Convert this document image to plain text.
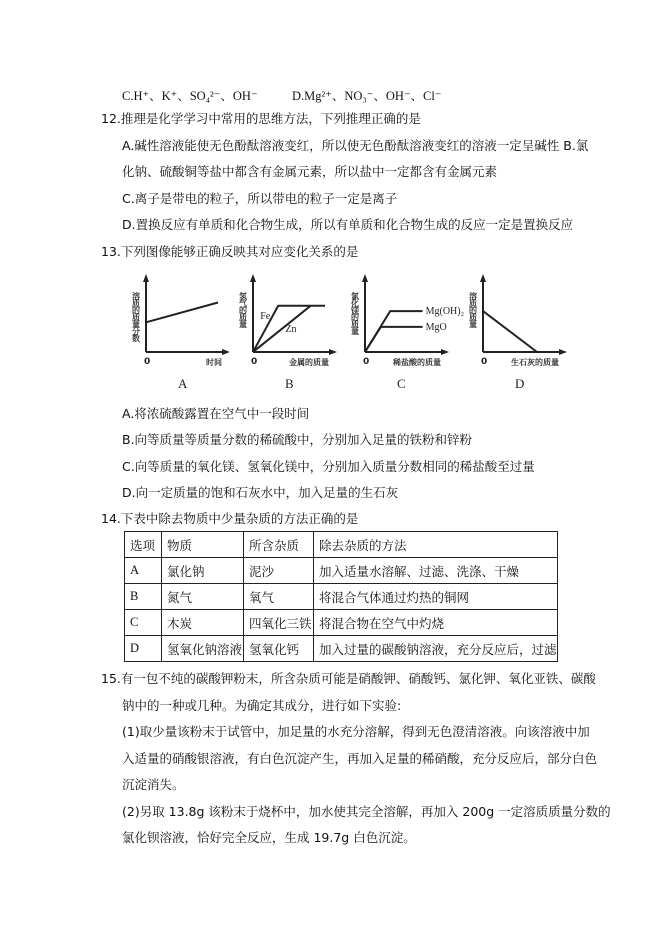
C.H⁺、K⁺、SO₄²⁻、OH⁻	D.Mg²⁺、NO₃⁻、OH⁻、Cl⁻
12.推理是化学学习中常用的思维方法，下列推理正确的是
A.碱性溶液能使无色酚酞溶液变红，所以使无色酚酞溶液变红的溶液一定呈碱性 B.氯
化钠、硫酸铜等盐中都含有金属元素，所以盐中一定都含有金属元素
C.离子是带电的粒子，所以带电的粒子一定是离子
D.置换反应有单质和化合物生成，所以有单质和化合物生成的反应一定是置换反应
13.下列图像能够正确反映其对应变化关系的是
0	时间
溶质的质量分数
A
Fe
Zn
0	金属的质量
氢气的质量
B
Mg(OH)₂
MgO
0	稀盐酸的质量
氯化镁的质量
C
0	生石灰的质量
溶质的质量
D
A.将浓硫酸露置在空气中一段时间
B.向等质量等质量分数的稀硫酸中，分别加入足量的铁粉和锌粉
C.向等质量的氧化镁、氢氧化镁中，分别加入质量分数相同的稀盐酸至过量
D.向一定质量的饱和石灰水中，加入足量的生石灰
14.下表中除去物质中少量杂质的方法正确的是
选项	物质	所含杂质	除去杂质的方法
A	氯化钠	泥沙	加入适量水溶解、过滤、洗涤、干燥
B	氮气	氧气	将混合气体通过灼热的铜网
C	木炭	四氧化三铁	将混合物在空气中灼烧
D	氢氧化钠溶液	氢氧化钙	加入过量的碳酸钠溶液，充分反应后，过滤
15.有一包不纯的碳酸钾粉末，所含杂质可能是硝酸钾、硝酸钙、氯化钾、氧化亚铁、碳酸
钠中的一种或几种。为确定其成分，进行如下实验:
(1)取少量该粉末于试管中，加足量的水充分溶解，得到无色澄清溶液。向该溶液中加
入适量的硝酸银溶液，有白色沉淀产生，再加入足量的稀硝酸，充分反应后，部分白色
沉淀消失。
(2)另取 13.8g 该粉末于烧杯中，加水使其完全溶解，再加入 200g 一定溶质质量分数的
氯化钡溶液，恰好完全反应，生成 19.7g 白色沉淀。
